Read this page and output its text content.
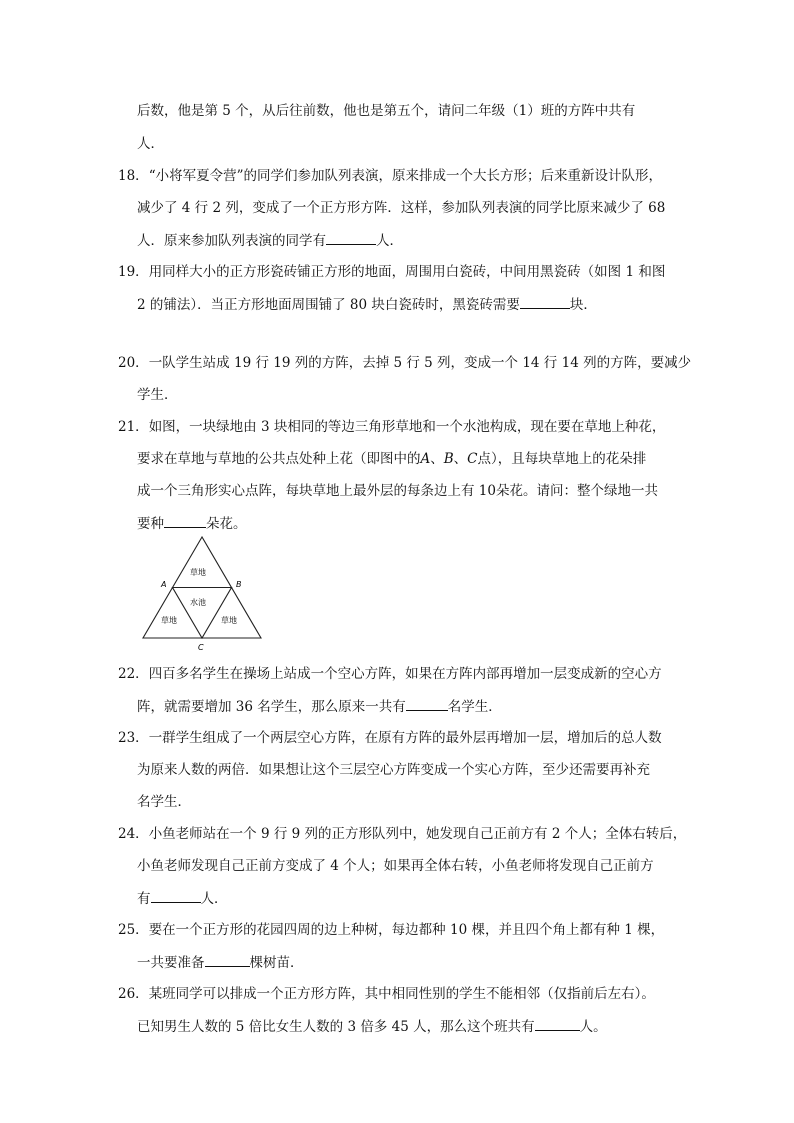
后数，他是第 5 个，从后往前数，他也是第五个，请问二年级（1）班的方阵中共有
人．
18．“小将军夏令营”的同学们参加队列表演，原来排成一个大长方形；后来重新设计队形，
减少了 4 行 2 列，变成了一个正方形方阵．这样，参加队列表演的同学比原来减少了 68
人．原来参加队列表演的同学有	人．
19．用同样大小的正方形瓷砖铺正方形的地面，周围用白瓷砖，中间用黑瓷砖（如图 1 和图
2 的铺法）．当正方形地面周围铺了 80 块白瓷砖时，黑瓷砖需要	块．
20．一队学生站成 19 行 19 列的方阵，去掉 5 行 5 列，变成一个 14 行 14 列的方阵，要减少
学生．
21．如图，一块绿地由 3 块相同的等边三角形草地和一个水池构成，现在要在草地上种花，
要求在草地与草地的公共点处种上花（即图中的A、B、C点），且每块草地上的花朵排
成一个三角形实心点阵，每块草地上最外层的每条边上有 10朵花。请问：整个绿地一共
要种	朵花。
草地
水池
草地	草地
A	B
C
22．四百多名学生在操场上站成一个空心方阵，如果在方阵内部再增加一层变成新的空心方
阵，就需要增加 36 名学生，那么原来一共有	名学生．
23．一群学生组成了一个两层空心方阵，在原有方阵的最外层再增加一层，增加后的总人数
为原来人数的两倍．如果想让这个三层空心方阵变成一个实心方阵，至少还需要再补充
名学生．
24．小鱼老师站在一个 9 行 9 列的正方形队列中，她发现自己正前方有 2 个人；全体右转后，
小鱼老师发现自己正前方变成了 4 个人；如果再全体右转，小鱼老师将发现自己正前方
有	人．
25．要在一个正方形的花园四周的边上种树，每边都种 10 棵，并且四个角上都有种 1 棵，
一共要准备	棵树苗．
26．某班同学可以排成一个正方形方阵，其中相同性别的学生不能相邻（仅指前后左右）。
已知男生人数的 5 倍比女生人数的 3 倍多 45 人，那么这个班共有	人。
